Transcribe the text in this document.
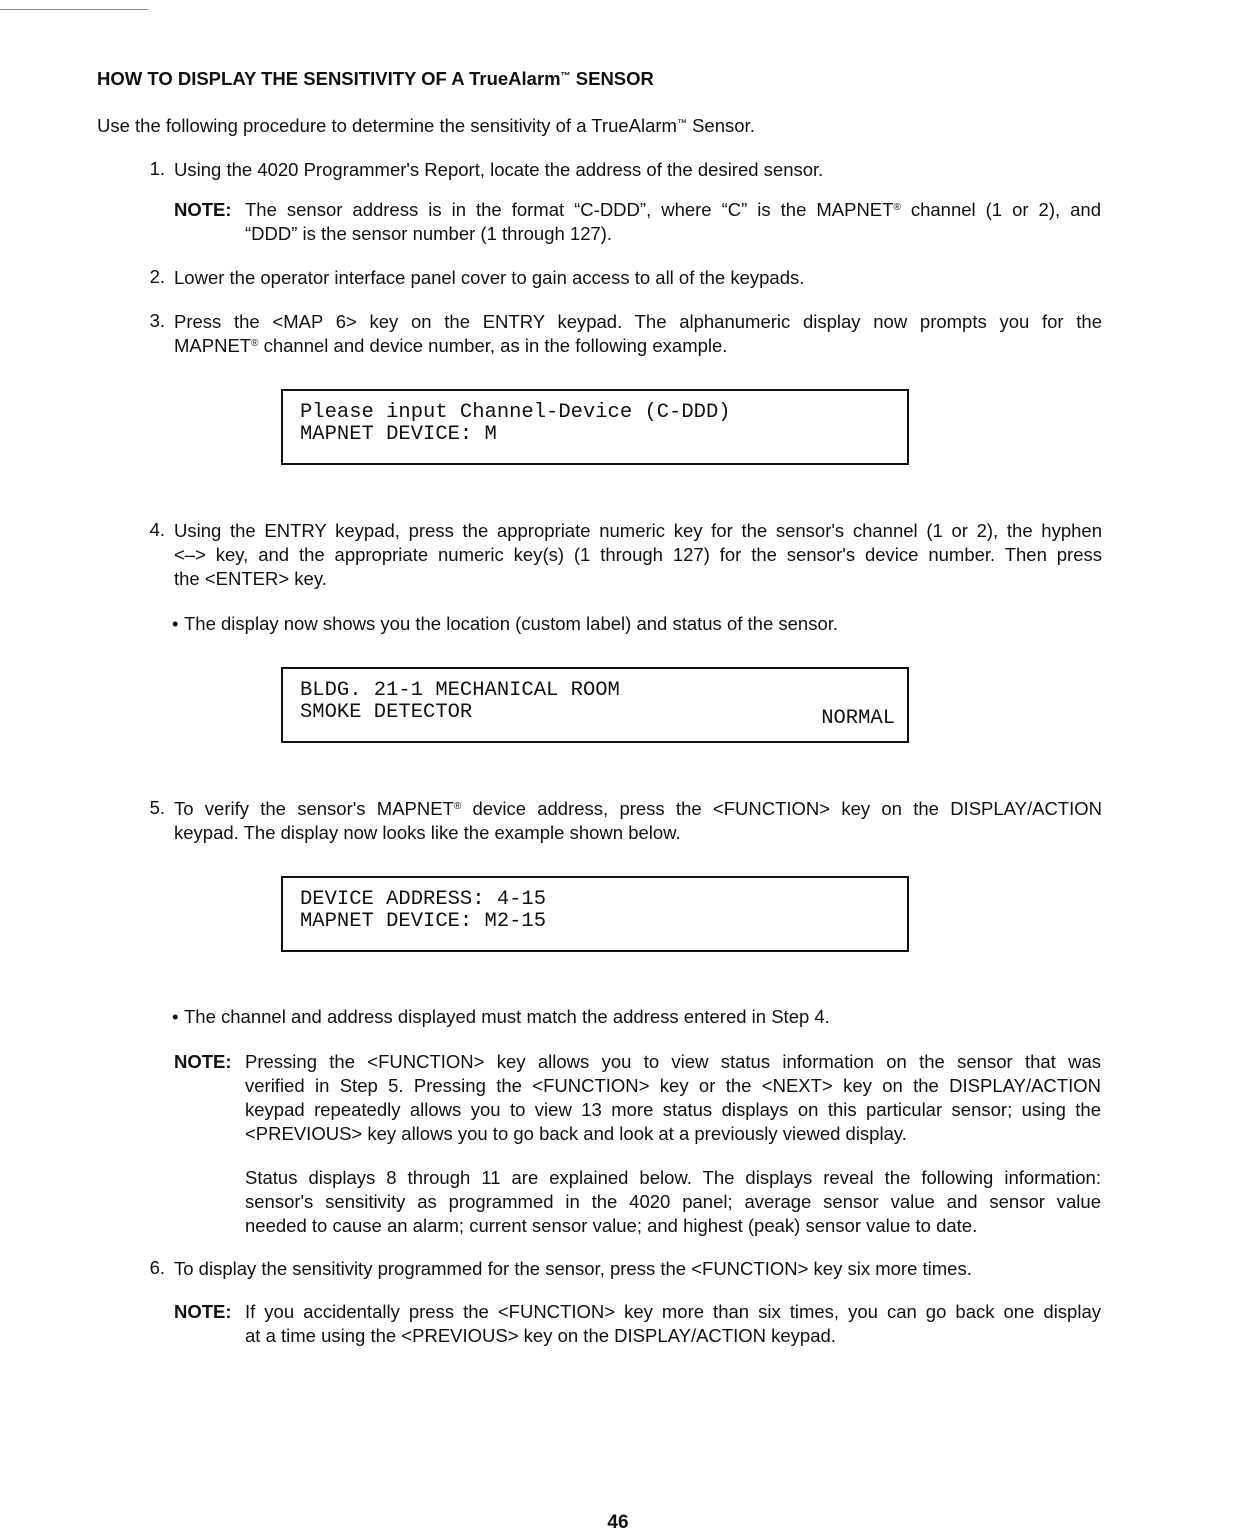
HOW TO DISPLAY THE SENSITIVITY OF A TrueAlarm™ SENSOR
Use the following procedure to determine the sensitivity of a TrueAlarm™ Sensor.
1. Using the 4020 Programmer's Report, locate the address of the desired sensor.
NOTE: The sensor address is in the format “C-DDD”, where “C” is the MAPNET® channel (1 or 2), and
“DDD” is the sensor number (1 through 127).
2. Lower the operator interface panel cover to gain access to all of the keypads.
3. Press the <MAP 6> key on the ENTRY keypad. The alphanumeric display now prompts you for the
MAPNET® channel and device number, as in the following example.
Please input Channel-Device (C-DDD)
MAPNET DEVICE: M
4. Using the ENTRY keypad, press the appropriate numeric key for the sensor's channel (1 or 2), the hyphen
<–> key, and the appropriate numeric key(s) (1 through 127) for the sensor's device number. Then press
the <ENTER> key.
• The display now shows you the location (custom label) and status of the sensor.
BLDG. 21-1 MECHANICAL ROOM
SMOKE DETECTOR	NORMAL
5. To verify the sensor's MAPNET® device address, press the <FUNCTION> key on the DISPLAY/ACTION
keypad. The display now looks like the example shown below.
DEVICE ADDRESS: 4-15
MAPNET DEVICE: M2-15
• The channel and address displayed must match the address entered in Step 4.
NOTE: Pressing the <FUNCTION> key allows you to view status information on the sensor that was
verified in Step 5. Pressing the <FUNCTION> key or the <NEXT> key on the DISPLAY/ACTION
keypad repeatedly allows you to view 13 more status displays on this particular sensor; using the
<PREVIOUS> key allows you to go back and look at a previously viewed display.
Status displays 8 through 11 are explained below. The displays reveal the following information:
sensor's sensitivity as programmed in the 4020 panel; average sensor value and sensor value
needed to cause an alarm; current sensor value; and highest (peak) sensor value to date.
6. To display the sensitivity programmed for the sensor, press the <FUNCTION> key six more times.
NOTE: If you accidentally press the <FUNCTION> key more than six times, you can go back one display
at a time using the <PREVIOUS> key on the DISPLAY/ACTION keypad.
46
